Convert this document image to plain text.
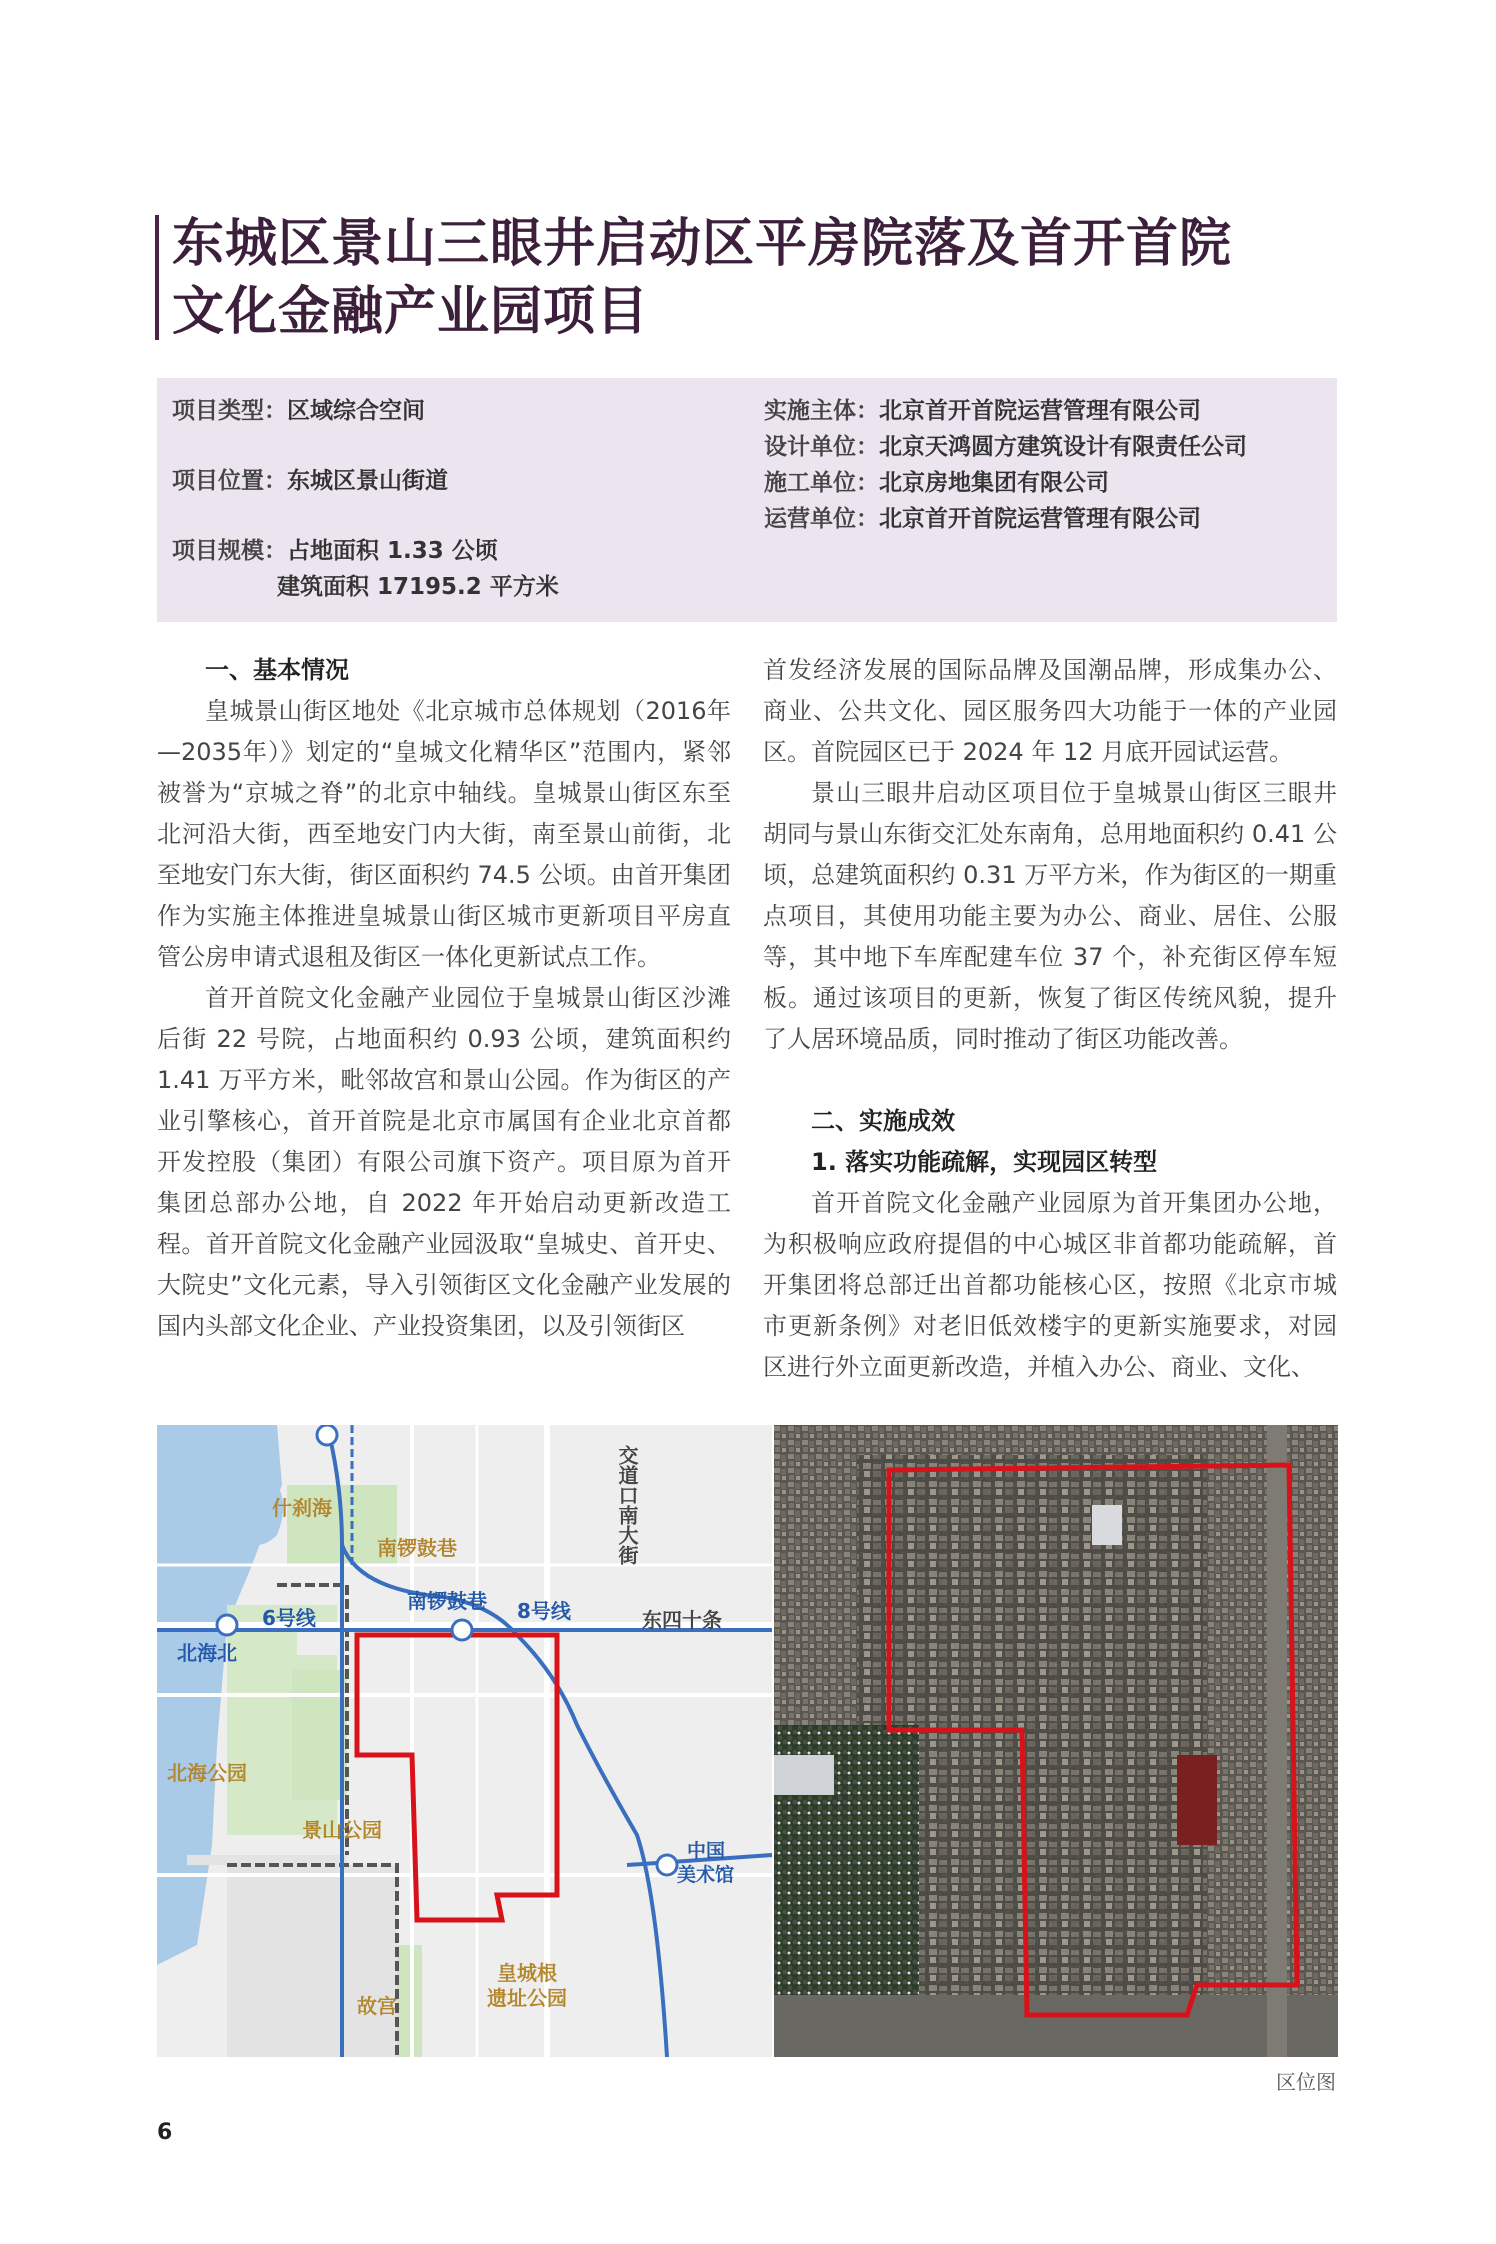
东城区景山三眼井启动区平房院落及首开首院
文化金融产业园项目
项目类型：区域综合空间
项目位置：东城区景山街道
项目规模：占地面积 1.33 公顷
建筑面积 17195.2 平方米
实施主体：北京首开首院运营管理有限公司
设计单位：北京天鸿圆方建筑设计有限责任公司
施工单位：北京房地集团有限公司
运营单位：北京首开首院运营管理有限公司
一、基本情况

皇城景山街区地处《北京城市总体规划（2016年—2035年）》划定的“皇城文化精华区”范围内，紧邻被誉为“京城之脊”的北京中轴线。皇城景山街区东至北河沿大街，西至地安门内大街，南至景山前街，北至地安门东大街，街区面积约 74.5 公顷。由首开集团作为实施主体推进皇城景山街区城市更新项目平房直管公房申请式退租及街区一体化更新试点工作。

首开首院文化金融产业园位于皇城景山街区沙滩后街 22 号院，占地面积约 0.93 公顷，建筑面积约 1.41 万平方米，毗邻故宫和景山公园。作为街区的产业引擎核心，首开首院是北京市属国有企业北京首都开发控股（集团）有限公司旗下资产。项目原为首开集团总部办公地，自 2022 年开始启动更新改造工程。首开首院文化金融产业园汲取“皇城史、首开史、大院史”文化元素，导入引领街区文化金融产业发展的国内头部文化企业、产业投资集团，以及引领街区

首发经济发展的国际品牌及国潮品牌，形成集办公、商业、公共文化、园区服务四大功能于一体的产业园区。首院园区已于 2024 年 12 月底开园试运营。

景山三眼井启动区项目位于皇城景山街区三眼井胡同与景山东街交汇处东南角，总用地面积约 0.41 公顷，总建筑面积约 0.31 万平方米，作为街区的一期重点项目，其使用功能主要为办公、商业、居住、公服等，其中地下车库配建车位 37 个，补充街区停车短板。通过该项目的更新，恢复了街区传统风貌，提升了人居环境品质，同时推动了街区功能改善。

二、实施成效
1. 落实功能疏解，实现园区转型

首开首院文化金融产业园原为首开集团办公地，为积极响应政府提倡的中心城区非首都功能疏解，首开集团将总部迁出首都功能核心区，按照《北京市城市更新条例》对老旧低效楼宇的更新实施要求，对园区进行外立面更新改造，并植入办公、商业、文化、

什刹海
南锣鼓巷
南锣鼓巷 8号线
6号线
北海北
东四十条
交道口南大街
北海公园
景山公园
中国
美术馆
皇城根
遗址公园
故宫
区位图
6
